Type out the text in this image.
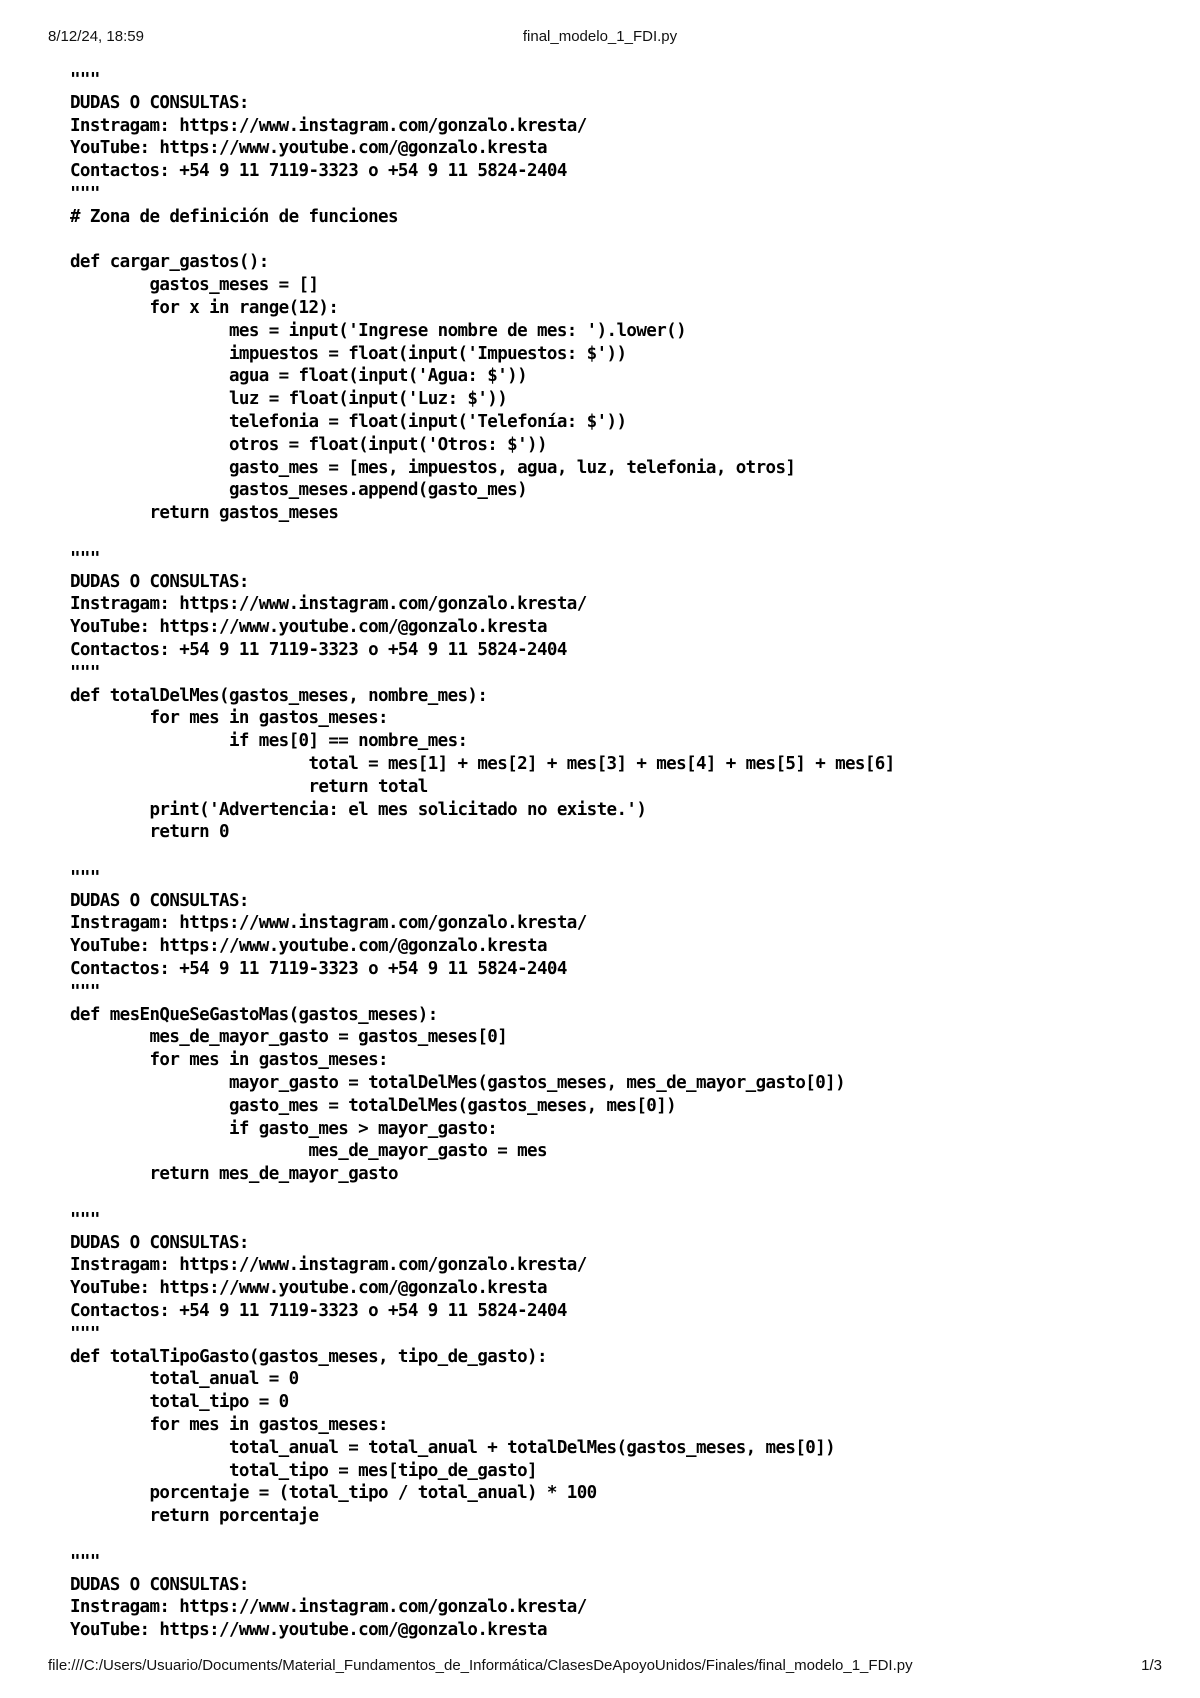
8/12/24, 18:59	final_modelo_1_FDI.py
"""
DUDAS O CONSULTAS:
Instragam: https://www.instagram.com/gonzalo.kresta/
YouTube: https://www.youtube.com/@gonzalo.kresta
Contactos: +54 9 11 7119-3323 o +54 9 11 5824-2404
"""
# Zona de definición de funciones
def cargar_gastos():
gastos_meses = []
for x in range(12):
mes = input('Ingrese nombre de mes: ').lower()
impuestos = float(input('Impuestos: $'))
agua = float(input('Agua: $'))
luz = float(input('Luz: $'))
telefonia = float(input('Telefonía: $'))
otros = float(input('Otros: $'))
gasto_mes = [mes, impuestos, agua, luz, telefonia, otros]
gastos_meses.append(gasto_mes)
return gastos_meses
"""
DUDAS O CONSULTAS:
Instragam: https://www.instagram.com/gonzalo.kresta/
YouTube: https://www.youtube.com/@gonzalo.kresta
Contactos: +54 9 11 7119-3323 o +54 9 11 5824-2404
"""
def totalDelMes(gastos_meses, nombre_mes):
for mes in gastos_meses:
if mes[0] == nombre_mes:
total = mes[1] + mes[2] + mes[3] + mes[4] + mes[5] + mes[6]
return total
print('Advertencia: el mes solicitado no existe.')
return 0
"""
DUDAS O CONSULTAS:
Instragam: https://www.instagram.com/gonzalo.kresta/
YouTube: https://www.youtube.com/@gonzalo.kresta
Contactos: +54 9 11 7119-3323 o +54 9 11 5824-2404
"""
def mesEnQueSeGastoMas(gastos_meses):
mes_de_mayor_gasto = gastos_meses[0]
for mes in gastos_meses:
mayor_gasto = totalDelMes(gastos_meses, mes_de_mayor_gasto[0])
gasto_mes = totalDelMes(gastos_meses, mes[0])
if gasto_mes > mayor_gasto:
mes_de_mayor_gasto = mes
return mes_de_mayor_gasto
"""
DUDAS O CONSULTAS:
Instragam: https://www.instagram.com/gonzalo.kresta/
YouTube: https://www.youtube.com/@gonzalo.kresta
Contactos: +54 9 11 7119-3323 o +54 9 11 5824-2404
"""
def totalTipoGasto(gastos_meses, tipo_de_gasto):
total_anual = 0
total_tipo = 0
for mes in gastos_meses:
total_anual = total_anual + totalDelMes(gastos_meses, mes[0])
total_tipo = mes[tipo_de_gasto]
porcentaje = (total_tipo / total_anual) * 100
return porcentaje
"""
DUDAS O CONSULTAS:
Instragam: https://www.instagram.com/gonzalo.kresta/
YouTube: https://www.youtube.com/@gonzalo.kresta
file:///C:/Users/Usuario/Documents/Material_Fundamentos_de_Informática/ClasesDeApoyoUnidos/Finales/final_modelo_1_FDI.py	1/3
